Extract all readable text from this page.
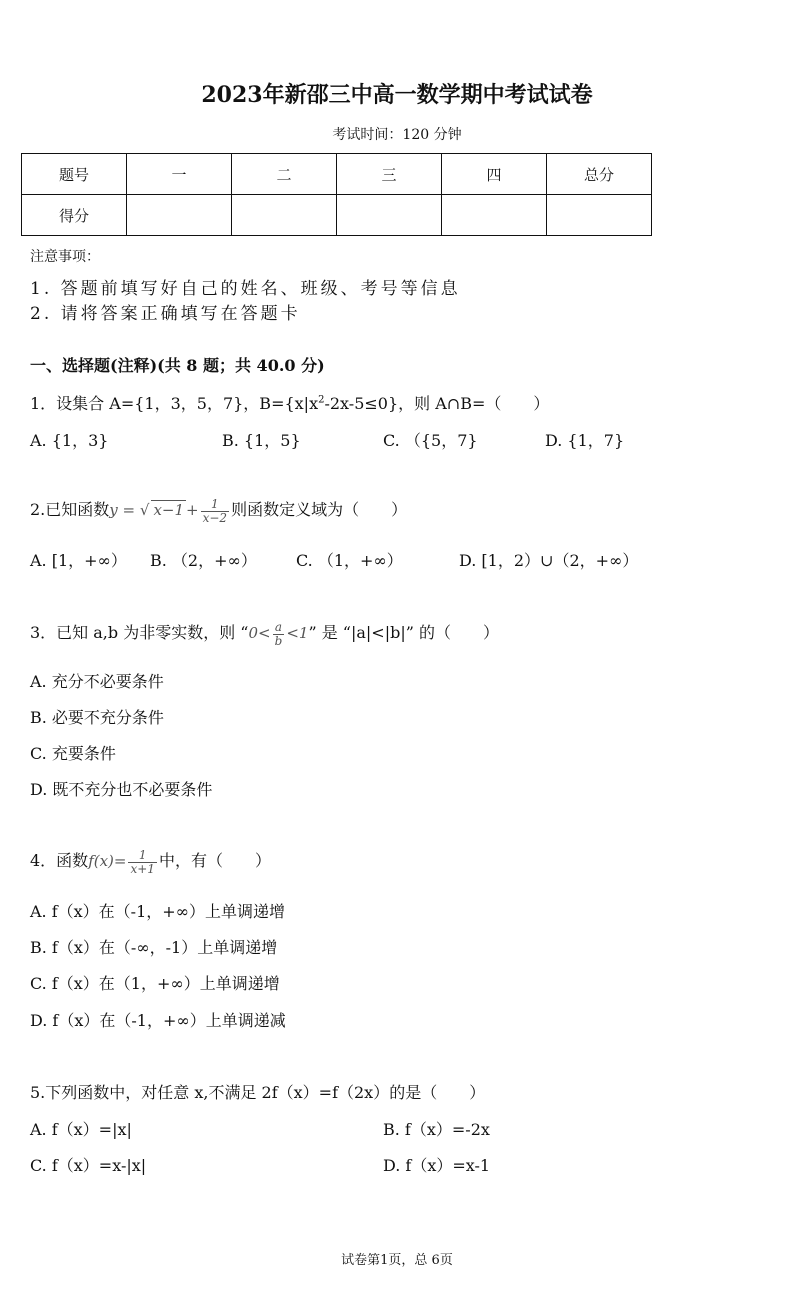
2023年新邵三中高一数学期中考试试卷
考试时间：120 分钟
题号	一	二	三	四	总分
得分					
注意事项：
1. 答题前填写好自己的姓名、班级、考号等信息
2. 请将答案正确填写在答题卡
一、选择题(注释)(共 8 题；共 40.0 分)
1．设集合 A={1，3，5，7}，$B=\{x|x^2-2x-5\le 0\}$，则 A∩B=（　　）
A. {1，3}	B. {1，5}	C. （{5，7}	D. {1，7}
2.已知函数y = √ $x-1 + \frac{1}{x-2}$ 则函数定义域为（　　）
A. [1，+∞） B. （2，+∞） C. （1，+∞）	D. [1，2）∪（2，+∞）
3．已知 a,b 为非零实数，则 “$0< \frac{a}{b} <1$” 是 “|a|<|b|” 的（　　）
A. 充分不必要条件
B. 必要不充分条件
C. 充要条件
D. 既不充分也不必要条件
4．函数$f(x)= \frac{1}{x+1}$ 中，有（　　）
A. f（x）在（-1，+∞）上单调递增
B. f（x）在（-∞，-1）上单调递增
C. f（x）在（1，+∞）上单调递增
D. f（x）在（-1，+∞）上单调递减
5.下列函数中，对任意 x,不满足 2f（x）=f（2x）的是（　　）
A. f（x）=|x|	B. f（x）=-2x
C. f（x）=x-|x|	D. f（x）=x-1
试卷第1页，总 6页
